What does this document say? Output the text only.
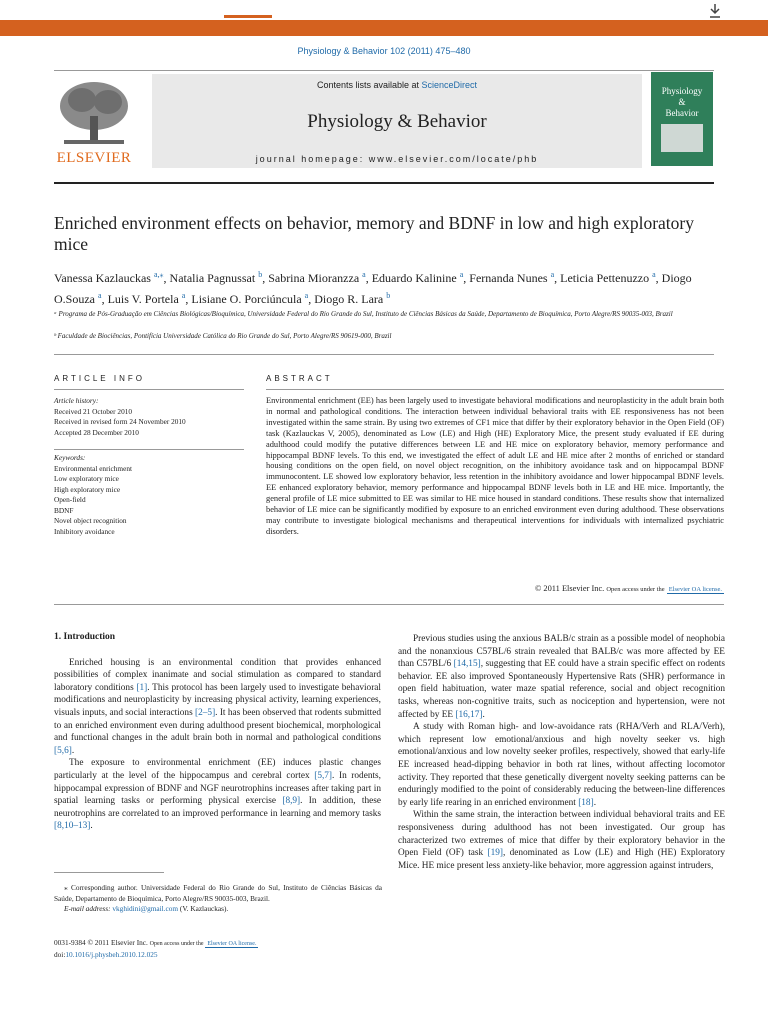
Physiology & Behavior 102 (2011) 475–480
Contents lists available at ScienceDirect
Physiology & Behavior
journal homepage: www.elsevier.com/locate/phb
ELSEVIER
Physiology
&
Behavior
Enriched environment effects on behavior, memory and BDNF in low and high exploratory mice
Vanessa Kazlauckas $^{a,⁎}$, Natalia Pagnussat $^b$, Sabrina Mioranzza $^a$, Eduardo Kalinine $^a$, Fernanda Nunes $^a$, Leticia Pettenuzzo $^a$, Diogo O.Souza $^a$, Luis V. Portela $^a$, Lisiane O. Porciúncula $^a$, Diogo R. Lara $^b$
ᵃ Programa de Pós-Graduação em Ciências Biológicas/Bioquímica, Universidade Federal do Rio Grande do Sul, Instituto de Ciências Básicas da Saúde, Departamento de Bioquímica, Porto Alegre/RS 90035-003, Brazil
ᵇ Faculdade de Biociências, Pontifícia Universidade Católica do Rio Grande do Sul, Porto Alegre/RS 90619-000, Brazil
ARTICLE INFO	ABSTRACT
Article history:
Received 21 October 2010
Received in revised form 24 November 2010
Accepted 28 December 2010
Keywords:
Environmental enrichment
Low exploratory mice
High exploratory mice
Open-field
BDNF
Novel object recognition
Inhibitory avoidance
Environmental enrichment (EE) has been largely used to investigate behavioral modifications and neuroplasticity in the adult brain both in normal and pathological conditions. The interaction between individual behavioral traits with EE responsiveness has not been investigated within the same strain. By using two extremes of CF1 mice that differ by their exploratory behavior in the Open Field (OF) task (Kazlauckas V, 2005), denominated as Low (LE) and High (HE) Exploratory Mice, the present study evaluated if EE during adulthood could modify the putative differences between LE and HE mice on exploratory behavior, memory performance and hippocampal BDNF levels. To this end, we investigated the effect of adult LE and HE mice after 2 months of enriched or standard housing conditions on the open field, on novel object recognition, on the inhibitory avoidance task and on hippocampal BDNF immunocontent. LE showed low exploratory behavior, less retention in the inhibitory avoidance and lower hippocampal BDNF levels. EE enhanced exploratory behavior, memory performance and hippocampal BDNF levels both in LE and HE mice. Importantly, the general profile of LE mice submitted to EE was similar to HE mice housed in standard conditions. These results show that internalized behavior of LE mice can be significantly modified by exposure to an enriched environment even during adulthood. These observations may contribute to investigate biological mechanisms and therapeutical interventions for individuals with internalized psychiatric disorders.
© 2011 Elsevier Inc. Open access under the Elsevier OA license.
1. Introduction

Enriched housing is an environmental condition that provides enhanced possibilities of complex inanimate and social stimulation as compared to standard laboratory conditions [1]. This protocol has been largely used to investigate behavioral modifications and neuroplasticity by increasing physical activity, learning experiences, visuals inputs, and social interactions [2–5]. It has been observed that rodents submitted to an enriched environment even during adulthood present biochemical, morphological and functional changes in the adult brain both in normal and pathological conditions [5,6].

The exposure to environmental enrichment (EE) induces plastic changes particularly at the level of the hippocampus and cerebral cortex [5,7]. In rodents, hippocampal expression of BDNF and NGF neurotrophins increases after taking part in spatial learning tasks or performing physical exercise [8,9]. In addition, these neurotrophins are correlated to an improved performance in learning and memory tasks [8,10–13].

Previous studies using the anxious BALB/c strain as a possible model of neophobia and the nonanxious C57BL/6 strain revealed that BALB/c was more affected by EE than C57BL/6 [14,15], suggesting that EE could have a strain specific effect on rodents behavior. EE also improved Spontaneously Hypertensive Rats (SHR) performance in open field habituation, water maze spatial reference, social and object recognition tasks, whereas non-cognitive traits, such as nociception and hypertension, were not affected by EE [16,17].

A study with Roman high- and low-avoidance rats (RHA/Verh and RLA/Verh), which represent low emotional/anxious and high novelty seeker vs. high emotional/anxious and low novelty seeker profiles, respectively, showed that early-life EE increased head-dipping behavior in both rat lines, without affecting locomotor activity. They reported that these genetically divergent novelty seeking patterns can be enduringly modified to the point of considerably reducing the between-line differences by early life rearing in an enriched environment [18].

Within the same strain, the interaction between individual behavioral traits and EE responsiveness during adulthood has not been investigated. Our group has characterized two extremes of mice that differ by their exploratory behavior in the Open Field (OF) task [19], denominated as Low (LE) and High (HE) Exploratory Mice. HE mice present less anxiety-like behavior, more aggression against intruders,

⁎ Corresponding author. Universidade Federal do Rio Grande do Sul, Instituto de Ciências Básicas da Saúde, Departamento de Bioquímica, Porto Alegre/RS 90035-003, Brazil.
E-mail address: vkghidini@gmail.com (V. Kazlauckas).
0031-9384 © 2011 Elsevier Inc. Open access under the Elsevier OA license.
doi:10.1016/j.physbeh.2010.12.025
